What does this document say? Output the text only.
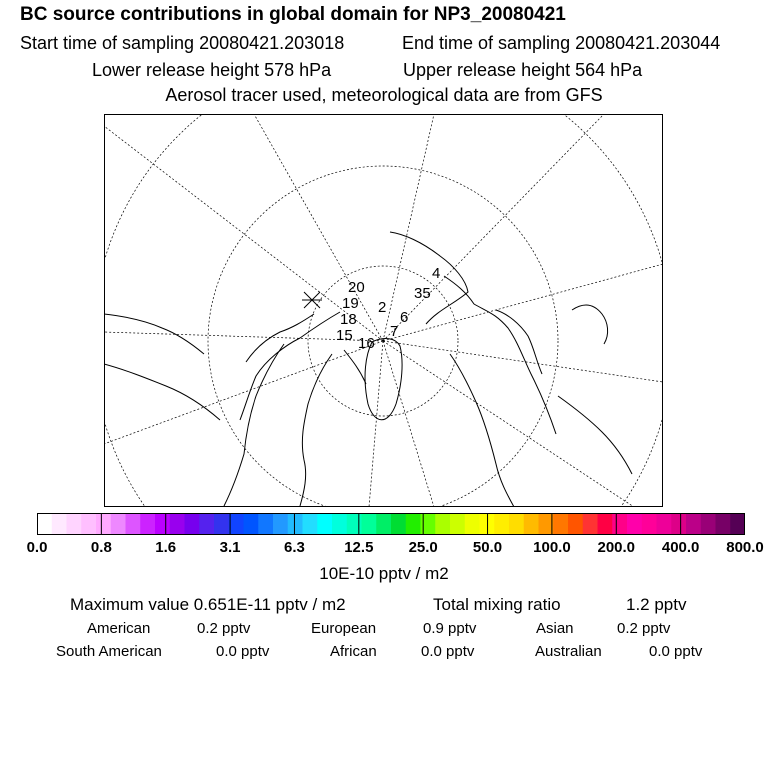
BC source contributions in global domain for NP3_20080421
Start time of sampling 20080421.203018	End time of sampling 20080421.203044
Lower release height 578 hPa	Upper release height 564 hPa
Aerosol tracer used, meteorological data are from GFS
20
19
18
15 16
2
6
7
4
35
0.0	0.8	1.6	3.1	6.3	12.5 25.0 50.0 100.0 200.0 400.0 800.0
10E-10 pptv / m2
Maximum value 0.651E-11 pptv / m2	Total mixing ratio	1.2 pptv
American	0.2 pptv	European	0.9 pptv	Asian	0.2 pptv
South American	0.0 pptv	African	0.0 pptv	Australian	0.0 pptv
